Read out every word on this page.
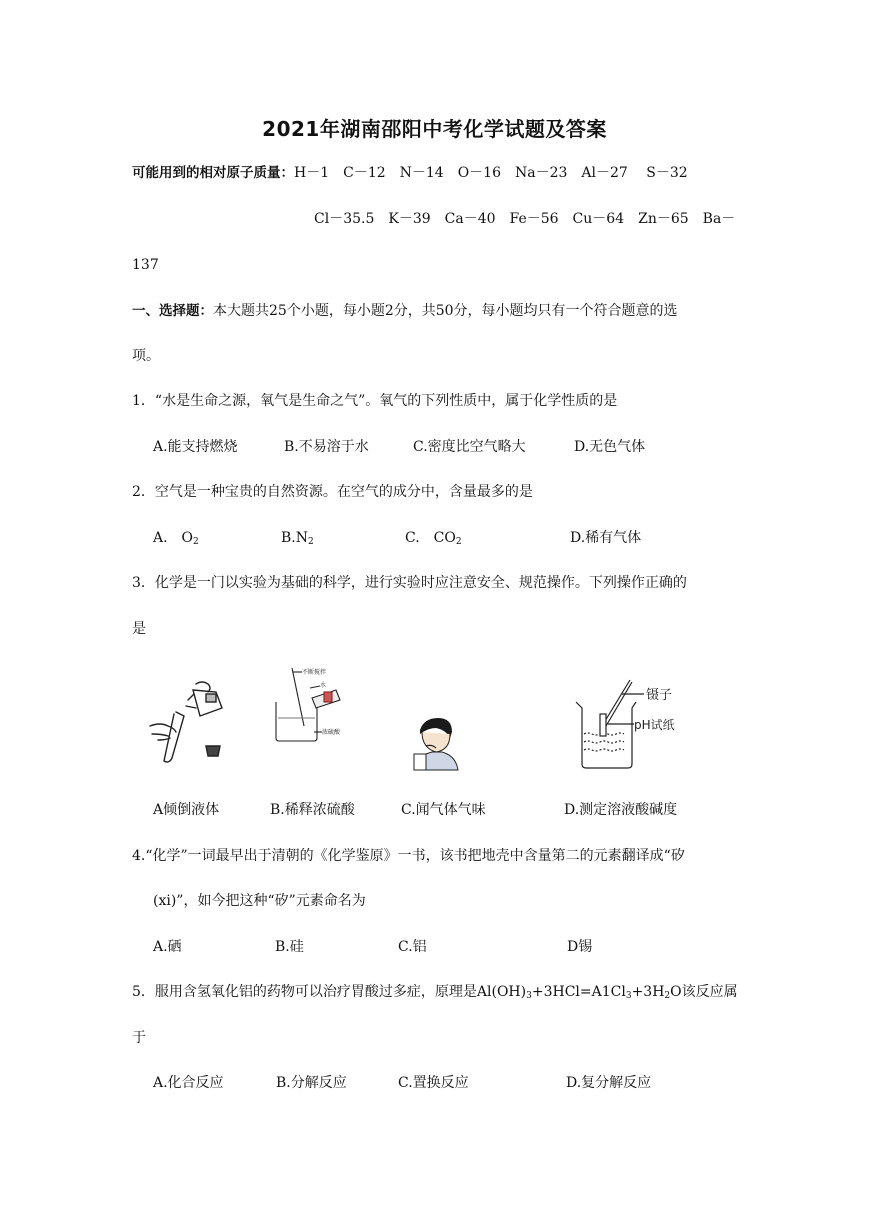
2021年湖南邵阳中考化学试题及答案
可能用到的相对原子质量：H－1　C－12　N－14　O－16　Na－23　Al－27　 S－32
Cl－35.5　K－39　Ca－40　Fe－56　Cu－64　Zn－65　Ba－
137
一、选择题：本大题共25个小题，每小题2分，共50分，每小题均只有一个符合题意的选
项。
1．“水是生命之源，氧气是生命之气”。氧气的下列性质中，属于化学性质的是
A.能支持燃烧	B.不易溶于水	C.密度比空气略大	D.无色气体
2．空气是一种宝贵的自然资源。在空气的成分中，含量最多的是
A.　$O_2$	$B.N_2$	C.　$CO_2$	D.稀有气体
3．化学是一门以实验为基础的科学，进行实验时应注意安全、规范操作。下列操作正确的
是
不断搅拌
水
浓硫酸
镊子
pH试纸
A倾倒液体	B.稀释浓硫酸	C.闻气体气味	D.测定溶液酸碱度
4.“化学”一词最早出于清朝的《化学鉴原》一书，该书把地壳中含量第二的元素翻译成“矽
(xi)”，如今把这种“矽”元素命名为
A.硒	B.硅	C.铝	D锡
5．服用含氢氧化铝的药物可以治疗胃酸过多症，原理是$Al(OH)_3+3HCl=A1Cl_3+3H_2O$该反应属
于
A.化合反应	B.分解反应	C.置换反应	D.复分解反应
